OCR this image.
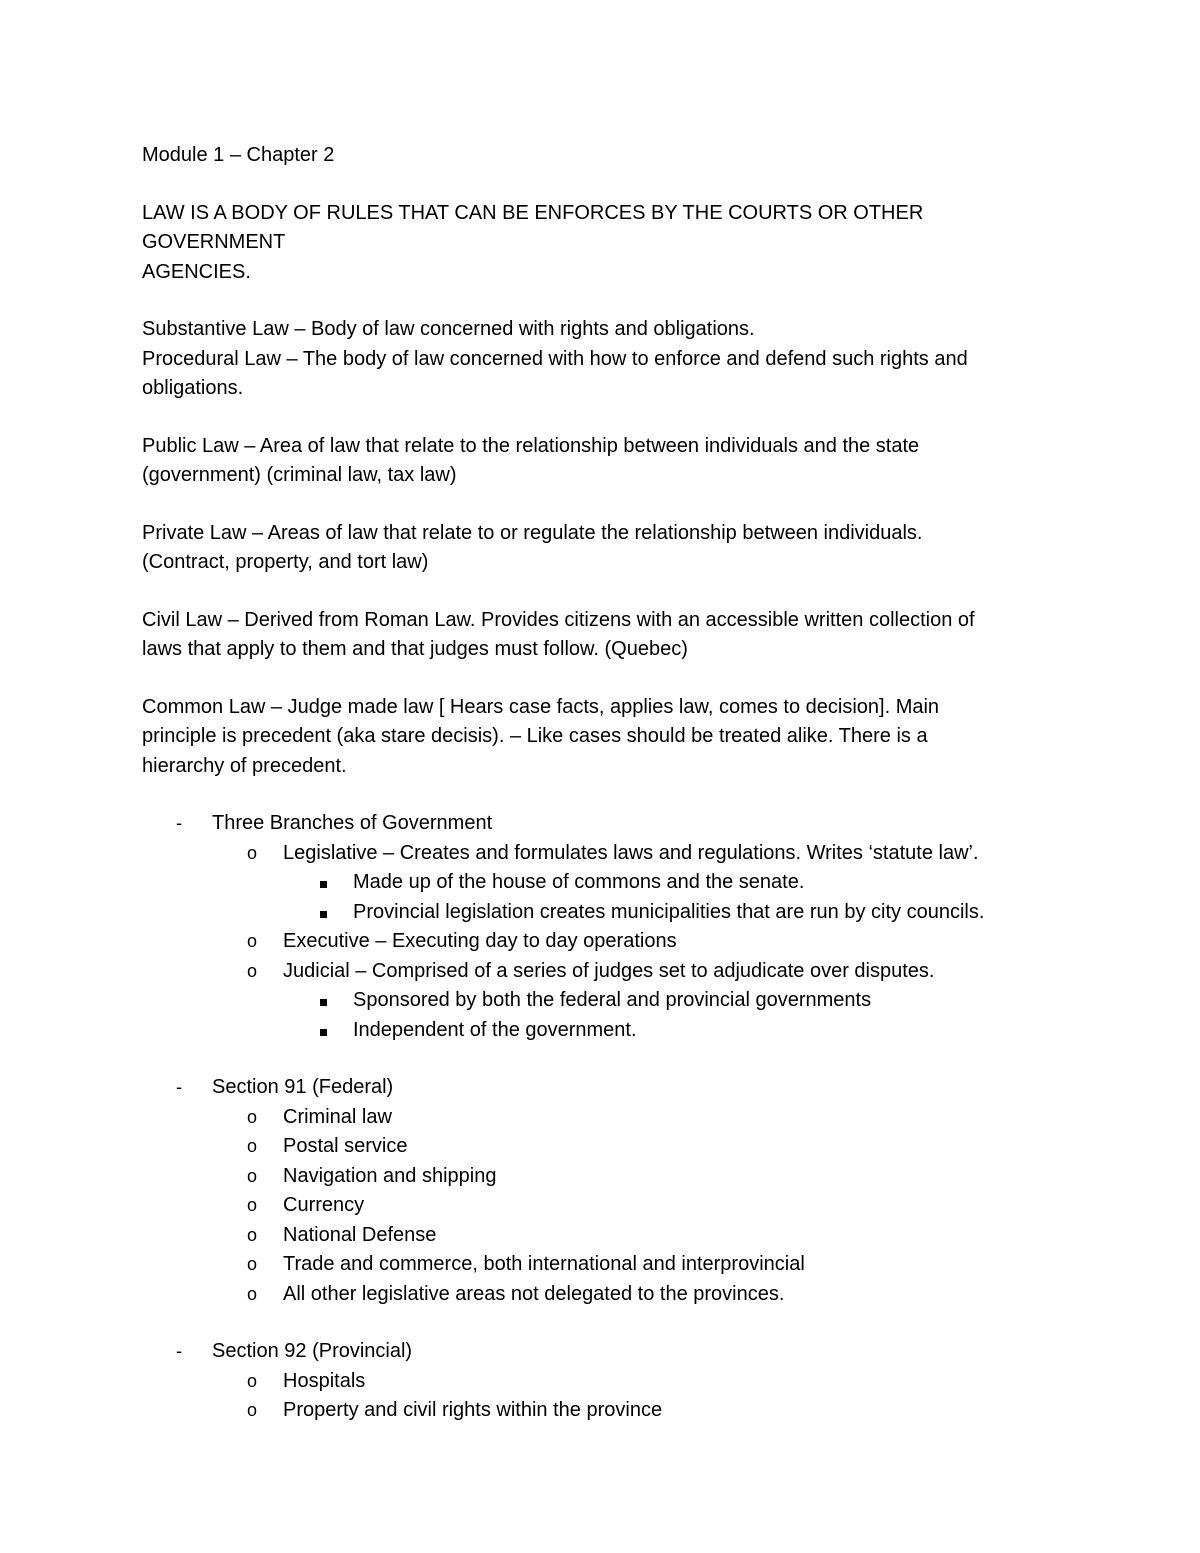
Module 1 – Chapter 2
LAW IS A BODY OF RULES THAT CAN BE ENFORCES BY THE COURTS OR OTHER GOVERNMENT
AGENCIES.
Substantive Law – Body of law concerned with rights and obligations.
Procedural Law – The body of law concerned with how to enforce and defend such rights and
obligations.
Public Law – Area of law that relate to the relationship between individuals and the state
(government) (criminal law, tax law)
Private Law – Areas of law that relate to or regulate the relationship between individuals.
(Contract, property, and tort law)
Civil Law – Derived from Roman Law. Provides citizens with an accessible written collection of
laws that apply to them and that judges must follow. (Quebec)
Common Law – Judge made law [ Hears case facts, applies law, comes to decision]. Main
principle is precedent (aka stare decisis). – Like cases should be treated alike. There is a
hierarchy of precedent.
-	Three Branches of Government
o	Legislative – Creates and formulates laws and regulations. Writes ‘statute law’.
Made up of the house of commons and the senate.
Provincial legislation creates municipalities that are run by city councils.
o	Executive – Executing day to day operations
o	Judicial – Comprised of a series of judges set to adjudicate over disputes.
Sponsored by both the federal and provincial governments
Independent of the government.
-	Section 91 (Federal)
o	Criminal law
o	Postal service
o	Navigation and shipping
o	Currency
o	National Defense
o	Trade and commerce, both international and interprovincial
o	All other legislative areas not delegated to the provinces.
-	Section 92 (Provincial)
o	Hospitals
o	Property and civil rights within the province
